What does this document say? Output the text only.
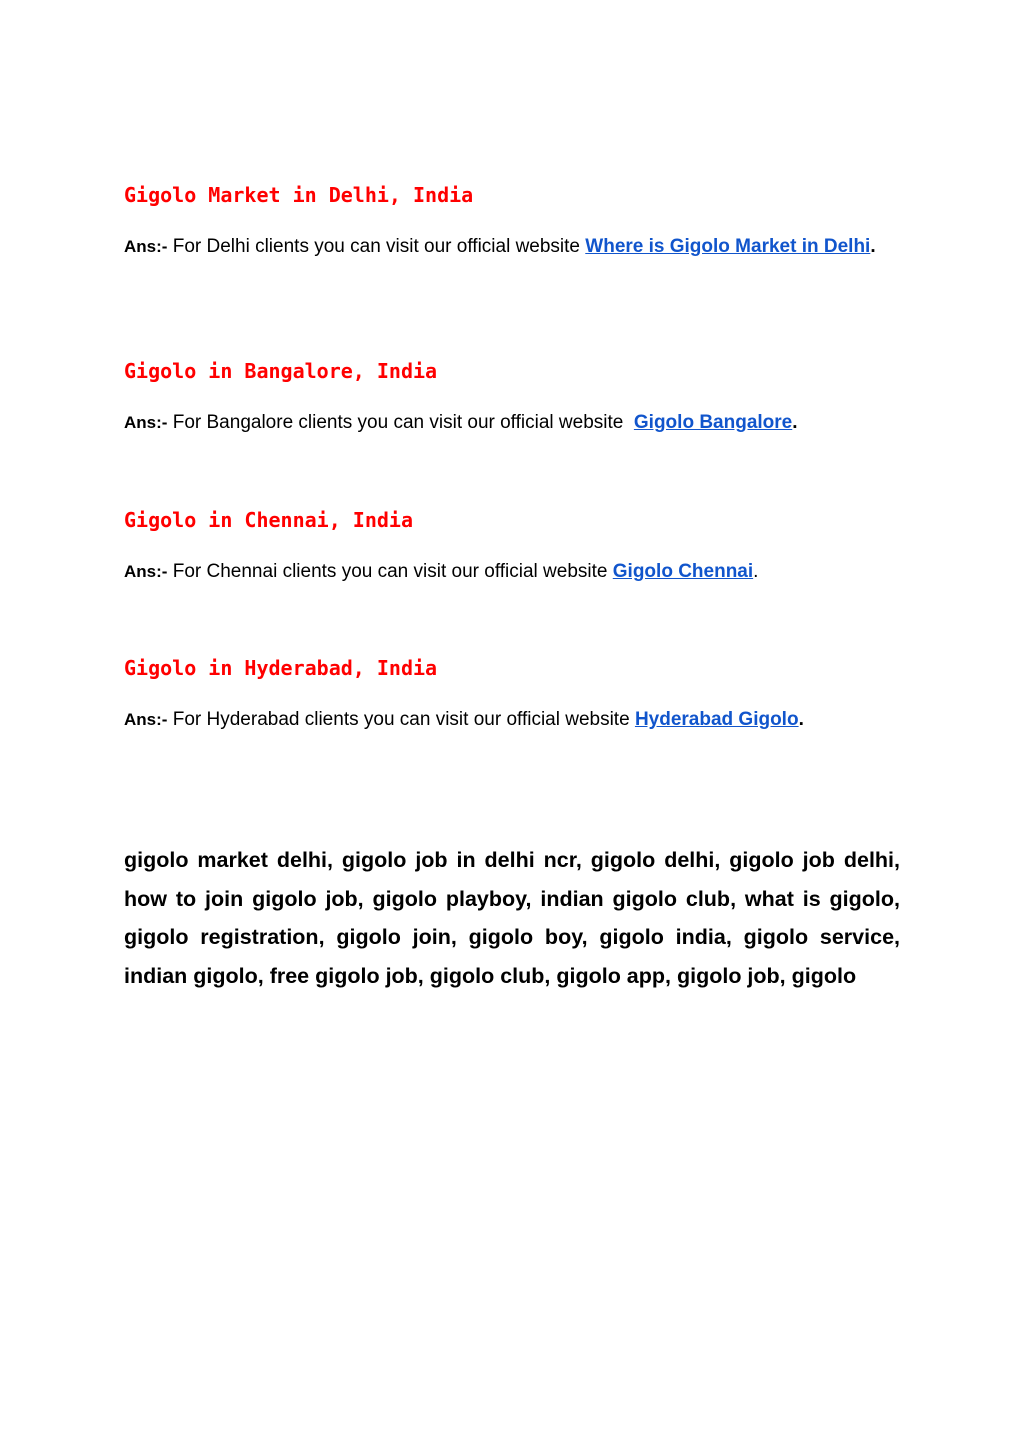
Gigolo Market in Delhi, India
Ans:- For Delhi clients you can visit our official website Where is Gigolo Market in Delhi.
Gigolo in Bangalore, India
Ans:- For Bangalore clients you can visit our official website  Gigolo Bangalore.
Gigolo in Chennai, India
Ans:- For Chennai clients you can visit our official website Gigolo Chennai.
Gigolo in Hyderabad, India
Ans:- For Hyderabad clients you can visit our official website Hyderabad Gigolo.
gigolo market delhi, gigolo job in delhi ncr, gigolo delhi, gigolo job delhi, how to join gigolo job, gigolo playboy, indian gigolo club, what is gigolo, gigolo registration, gigolo join, gigolo boy, gigolo india, gigolo service, indian gigolo, free gigolo job, gigolo club, gigolo app, gigolo job, gigolo
